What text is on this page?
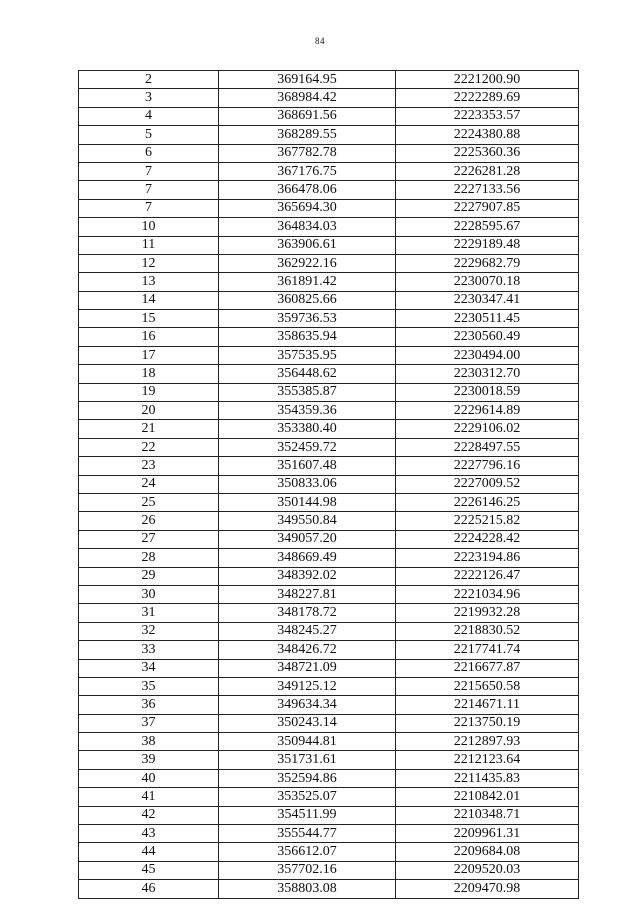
84
2	369164.95	2221200.90
3	368984.42	2222289.69
4	368691.56	2223353.57
5	368289.55	2224380.88
6	367782.78	2225360.36
7	367176.75	2226281.28
7	366478.06	2227133.56
7	365694.30	2227907.85
10	364834.03	2228595.67
11	363906.61	2229189.48
12	362922.16	2229682.79
13	361891.42	2230070.18
14	360825.66	2230347.41
15	359736.53	2230511.45
16	358635.94	2230560.49
17	357535.95	2230494.00
18	356448.62	2230312.70
19	355385.87	2230018.59
20	354359.36	2229614.89
21	353380.40	2229106.02
22	352459.72	2228497.55
23	351607.48	2227796.16
24	350833.06	2227009.52
25	350144.98	2226146.25
26	349550.84	2225215.82
27	349057.20	2224228.42
28	348669.49	2223194.86
29	348392.02	2222126.47
30	348227.81	2221034.96
31	348178.72	2219932.28
32	348245.27	2218830.52
33	348426.72	2217741.74
34	348721.09	2216677.87
35	349125.12	2215650.58
36	349634.34	2214671.11
37	350243.14	2213750.19
38	350944.81	2212897.93
39	351731.61	2212123.64
40	352594.86	2211435.83
41	353525.07	2210842.01
42	354511.99	2210348.71
43	355544.77	2209961.31
44	356612.07	2209684.08
45	357702.16	2209520.03
46	358803.08	2209470.98
